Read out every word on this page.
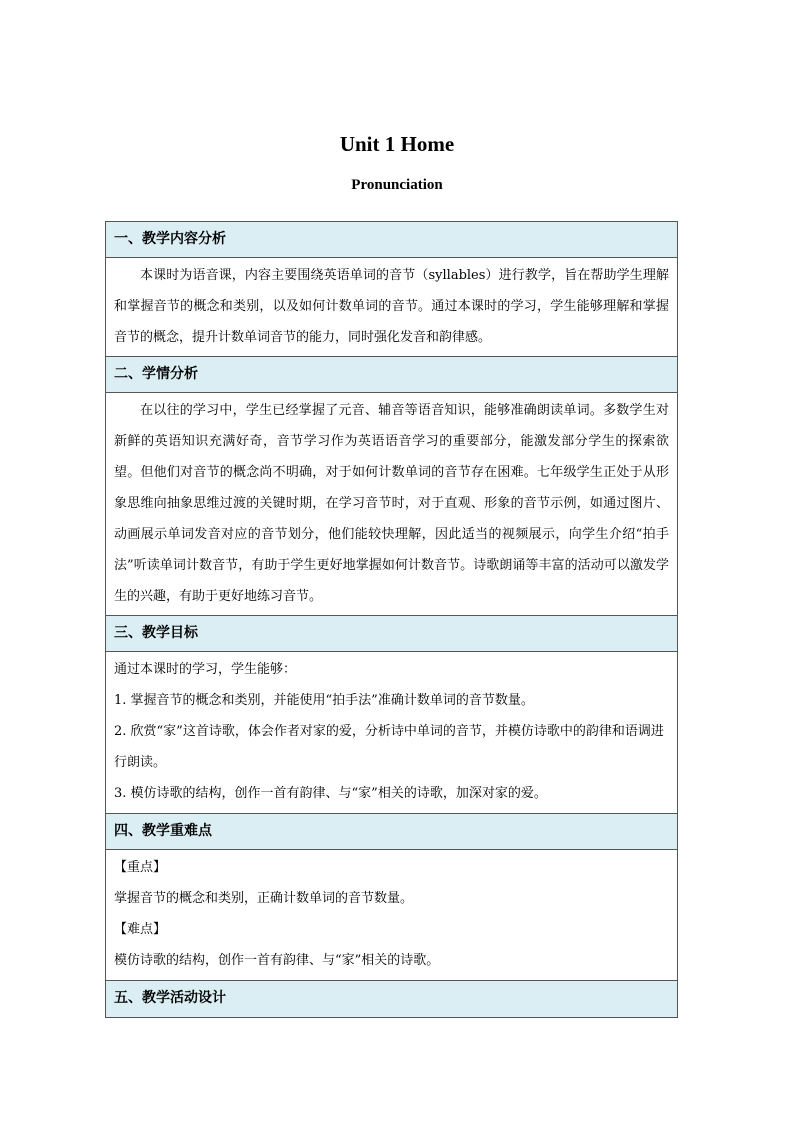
Unit 1 Home
Pronunciation
一、教学内容分析

本课时为语音课，内容主要围绕英语单词的音节（syllables）进行教学，旨在帮助学生理解和掌握音节的概念和类别，以及如何计数单词的音节。通过本课时的学习，学生能够理解和掌握音节的概念，提升计数单词音节的能力，同时强化发音和韵律感。

二、学情分析

在以往的学习中，学生已经掌握了元音、辅音等语音知识，能够准确朗读单词。多数学生对新鲜的英语知识充满好奇，音节学习作为英语语音学习的重要部分，能激发部分学生的探索欲望。但他们对音节的概念尚不明确，对于如何计数单词的音节存在困难。七年级学生正处于从形象思维向抽象思维过渡的关键时期，在学习音节时，对于直观、形象的音节示例，如通过图片、动画展示单词发音对应的音节划分，他们能较快理解，因此适当的视频展示，向学生介绍“拍手法”听读单词计数音节，有助于学生更好地掌握如何计数音节。诗歌朗诵等丰富的活动可以激发学生的兴趣，有助于更好地练习音节。

三、教学目标

通过本课时的学习，学生能够：

1. 掌握音节的概念和类别，并能使用“拍手法”准确计数单词的音节数量。

2. 欣赏“家”这首诗歌，体会作者对家的爱，分析诗中单词的音节，并模仿诗歌中的韵律和语调进行朗读。

3. 模仿诗歌的结构，创作一首有韵律、与“家”相关的诗歌，加深对家的爱。

四、教学重难点

【重点】

掌握音节的概念和类别，正确计数单词的音节数量。

【难点】

模仿诗歌的结构，创作一首有韵律、与“家”相关的诗歌。

五、教学活动设计
